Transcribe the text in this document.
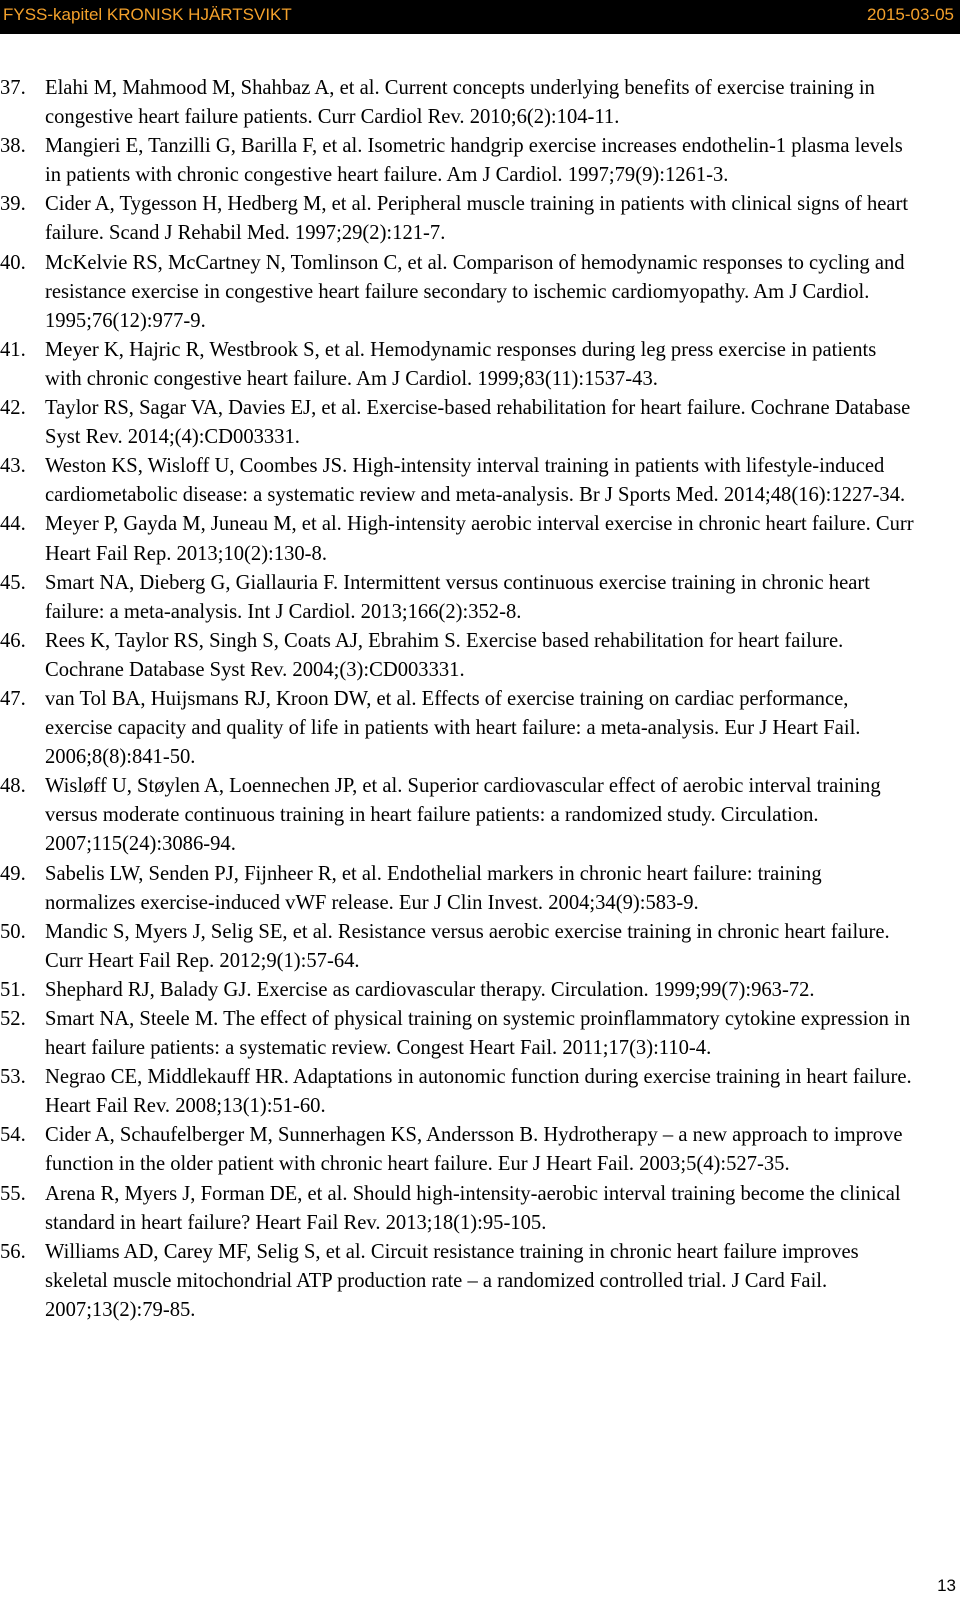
FYSS-kapitel KRONISK HJÄRTSVIKT	2015-03-05
37. Elahi M, Mahmood M, Shahbaz A, et al. Current concepts underlying benefits of exercise training in congestive heart failure patients. Curr Cardiol Rev. 2010;6(2):104-11.
38. Mangieri E, Tanzilli G, Barilla F, et al. Isometric handgrip exercise increases endothelin-1 plasma levels in patients with chronic congestive heart failure. Am J Cardiol. 1997;79(9):1261-3.
39. Cider A, Tygesson H, Hedberg M, et al. Peripheral muscle training in patients with clinical signs of heart failure. Scand J Rehabil Med. 1997;29(2):121-7.
40. McKelvie RS, McCartney N, Tomlinson C, et al. Comparison of hemodynamic responses to cycling and resistance exercise in congestive heart failure secondary to ischemic cardiomyopathy. Am J Cardiol. 1995;76(12):977-9.
41. Meyer K, Hajric R, Westbrook S, et al. Hemodynamic responses during leg press exercise in patients with chronic congestive heart failure. Am J Cardiol. 1999;83(11):1537-43.
42. Taylor RS, Sagar VA, Davies EJ, et al. Exercise-based rehabilitation for heart failure. Cochrane Database Syst Rev. 2014;(4):CD003331.
43. Weston KS, Wisloff U, Coombes JS. High-intensity interval training in patients with lifestyle-induced cardiometabolic disease: a systematic review and meta-analysis. Br J Sports Med. 2014;48(16):1227-34.
44. Meyer P, Gayda M, Juneau M, et al. High-intensity aerobic interval exercise in chronic heart failure. Curr Heart Fail Rep. 2013;10(2):130-8.
45. Smart NA, Dieberg G, Giallauria F. Intermittent versus continuous exercise training in chronic heart failure: a meta-analysis. Int J Cardiol. 2013;166(2):352-8.
46. Rees K, Taylor RS, Singh S, Coats AJ, Ebrahim S. Exercise based rehabilitation for heart failure. Cochrane Database Syst Rev. 2004;(3):CD003331.
47. van Tol BA, Huijsmans RJ, Kroon DW, et al. Effects of exercise training on cardiac performance, exercise capacity and quality of life in patients with heart failure: a meta-analysis. Eur J Heart Fail. 2006;8(8):841-50.
48. Wisløff U, Støylen A, Loennechen JP, et al. Superior cardiovascular effect of aerobic interval training versus moderate continuous training in heart failure patients: a randomized study. Circulation. 2007;115(24):3086-94.
49. Sabelis LW, Senden PJ, Fijnheer R, et al. Endothelial markers in chronic heart failure: training normalizes exercise-induced vWF release. Eur J Clin Invest. 2004;34(9):583-9.
50. Mandic S, Myers J, Selig SE, et al. Resistance versus aerobic exercise training in chronic heart failure. Curr Heart Fail Rep. 2012;9(1):57-64.
51. Shephard RJ, Balady GJ. Exercise as cardiovascular therapy. Circulation. 1999;99(7):963-72.
52. Smart NA, Steele M. The effect of physical training on systemic proinflammatory cytokine expression in heart failure patients: a systematic review. Congest Heart Fail. 2011;17(3):110-4.
53. Negrao CE, Middlekauff HR. Adaptations in autonomic function during exercise training in heart failure. Heart Fail Rev. 2008;13(1):51-60.
54. Cider A, Schaufelberger M, Sunnerhagen KS, Andersson B. Hydrotherapy – a new approach to improve function in the older patient with chronic heart failure. Eur J Heart Fail. 2003;5(4):527-35.
55. Arena R, Myers J, Forman DE, et al. Should high-intensity-aerobic interval training become the clinical standard in heart failure? Heart Fail Rev. 2013;18(1):95-105.
56. Williams AD, Carey MF, Selig S, et al. Circuit resistance training in chronic heart failure improves skeletal muscle mitochondrial ATP production rate – a randomized controlled trial. J Card Fail. 2007;13(2):79-85.
13
